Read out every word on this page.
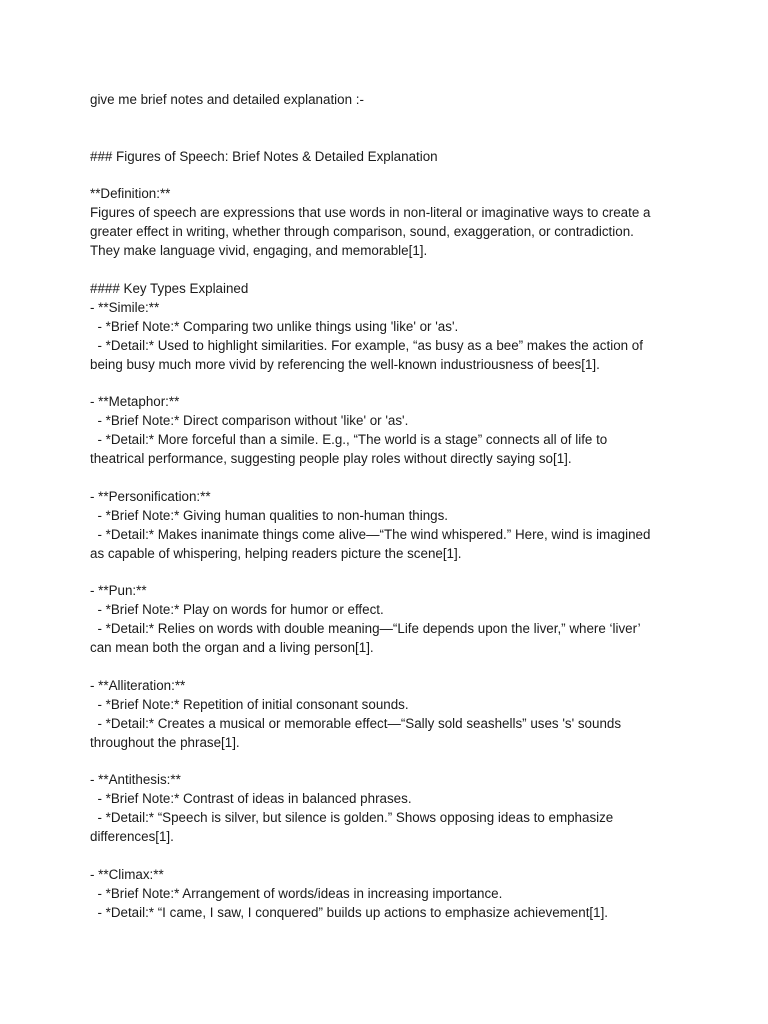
give me brief notes and detailed explanation :-
### Figures of Speech: Brief Notes & Detailed Explanation
**Definition:**
Figures of speech are expressions that use words in non-literal or imaginative ways to create a
greater effect in writing, whether through comparison, sound, exaggeration, or contradiction.
They make language vivid, engaging, and memorable[1].
#### Key Types Explained
- **Simile:**
- *Brief Note:* Comparing two unlike things using 'like' or 'as'.
- *Detail:* Used to highlight similarities. For example, “as busy as a bee” makes the action of
being busy much more vivid by referencing the well-known industriousness of bees[1].
- **Metaphor:**
- *Brief Note:* Direct comparison without 'like' or 'as'.
- *Detail:* More forceful than a simile. E.g., “The world is a stage” connects all of life to
theatrical performance, suggesting people play roles without directly saying so[1].
- **Personification:**
- *Brief Note:* Giving human qualities to non-human things.
- *Detail:* Makes inanimate things come alive—“The wind whispered.” Here, wind is imagined
as capable of whispering, helping readers picture the scene[1].
- **Pun:**
- *Brief Note:* Play on words for humor or effect.
- *Detail:* Relies on words with double meaning—“Life depends upon the liver,” where ‘liver’
can mean both the organ and a living person[1].
- **Alliteration:**
- *Brief Note:* Repetition of initial consonant sounds.
- *Detail:* Creates a musical or memorable effect—“Sally sold seashells” uses 's' sounds
throughout the phrase[1].
- **Antithesis:**
- *Brief Note:* Contrast of ideas in balanced phrases.
- *Detail:* “Speech is silver, but silence is golden.” Shows opposing ideas to emphasize
differences[1].
- **Climax:**
- *Brief Note:* Arrangement of words/ideas in increasing importance.
- *Detail:* “I came, I saw, I conquered” builds up actions to emphasize achievement[1].
